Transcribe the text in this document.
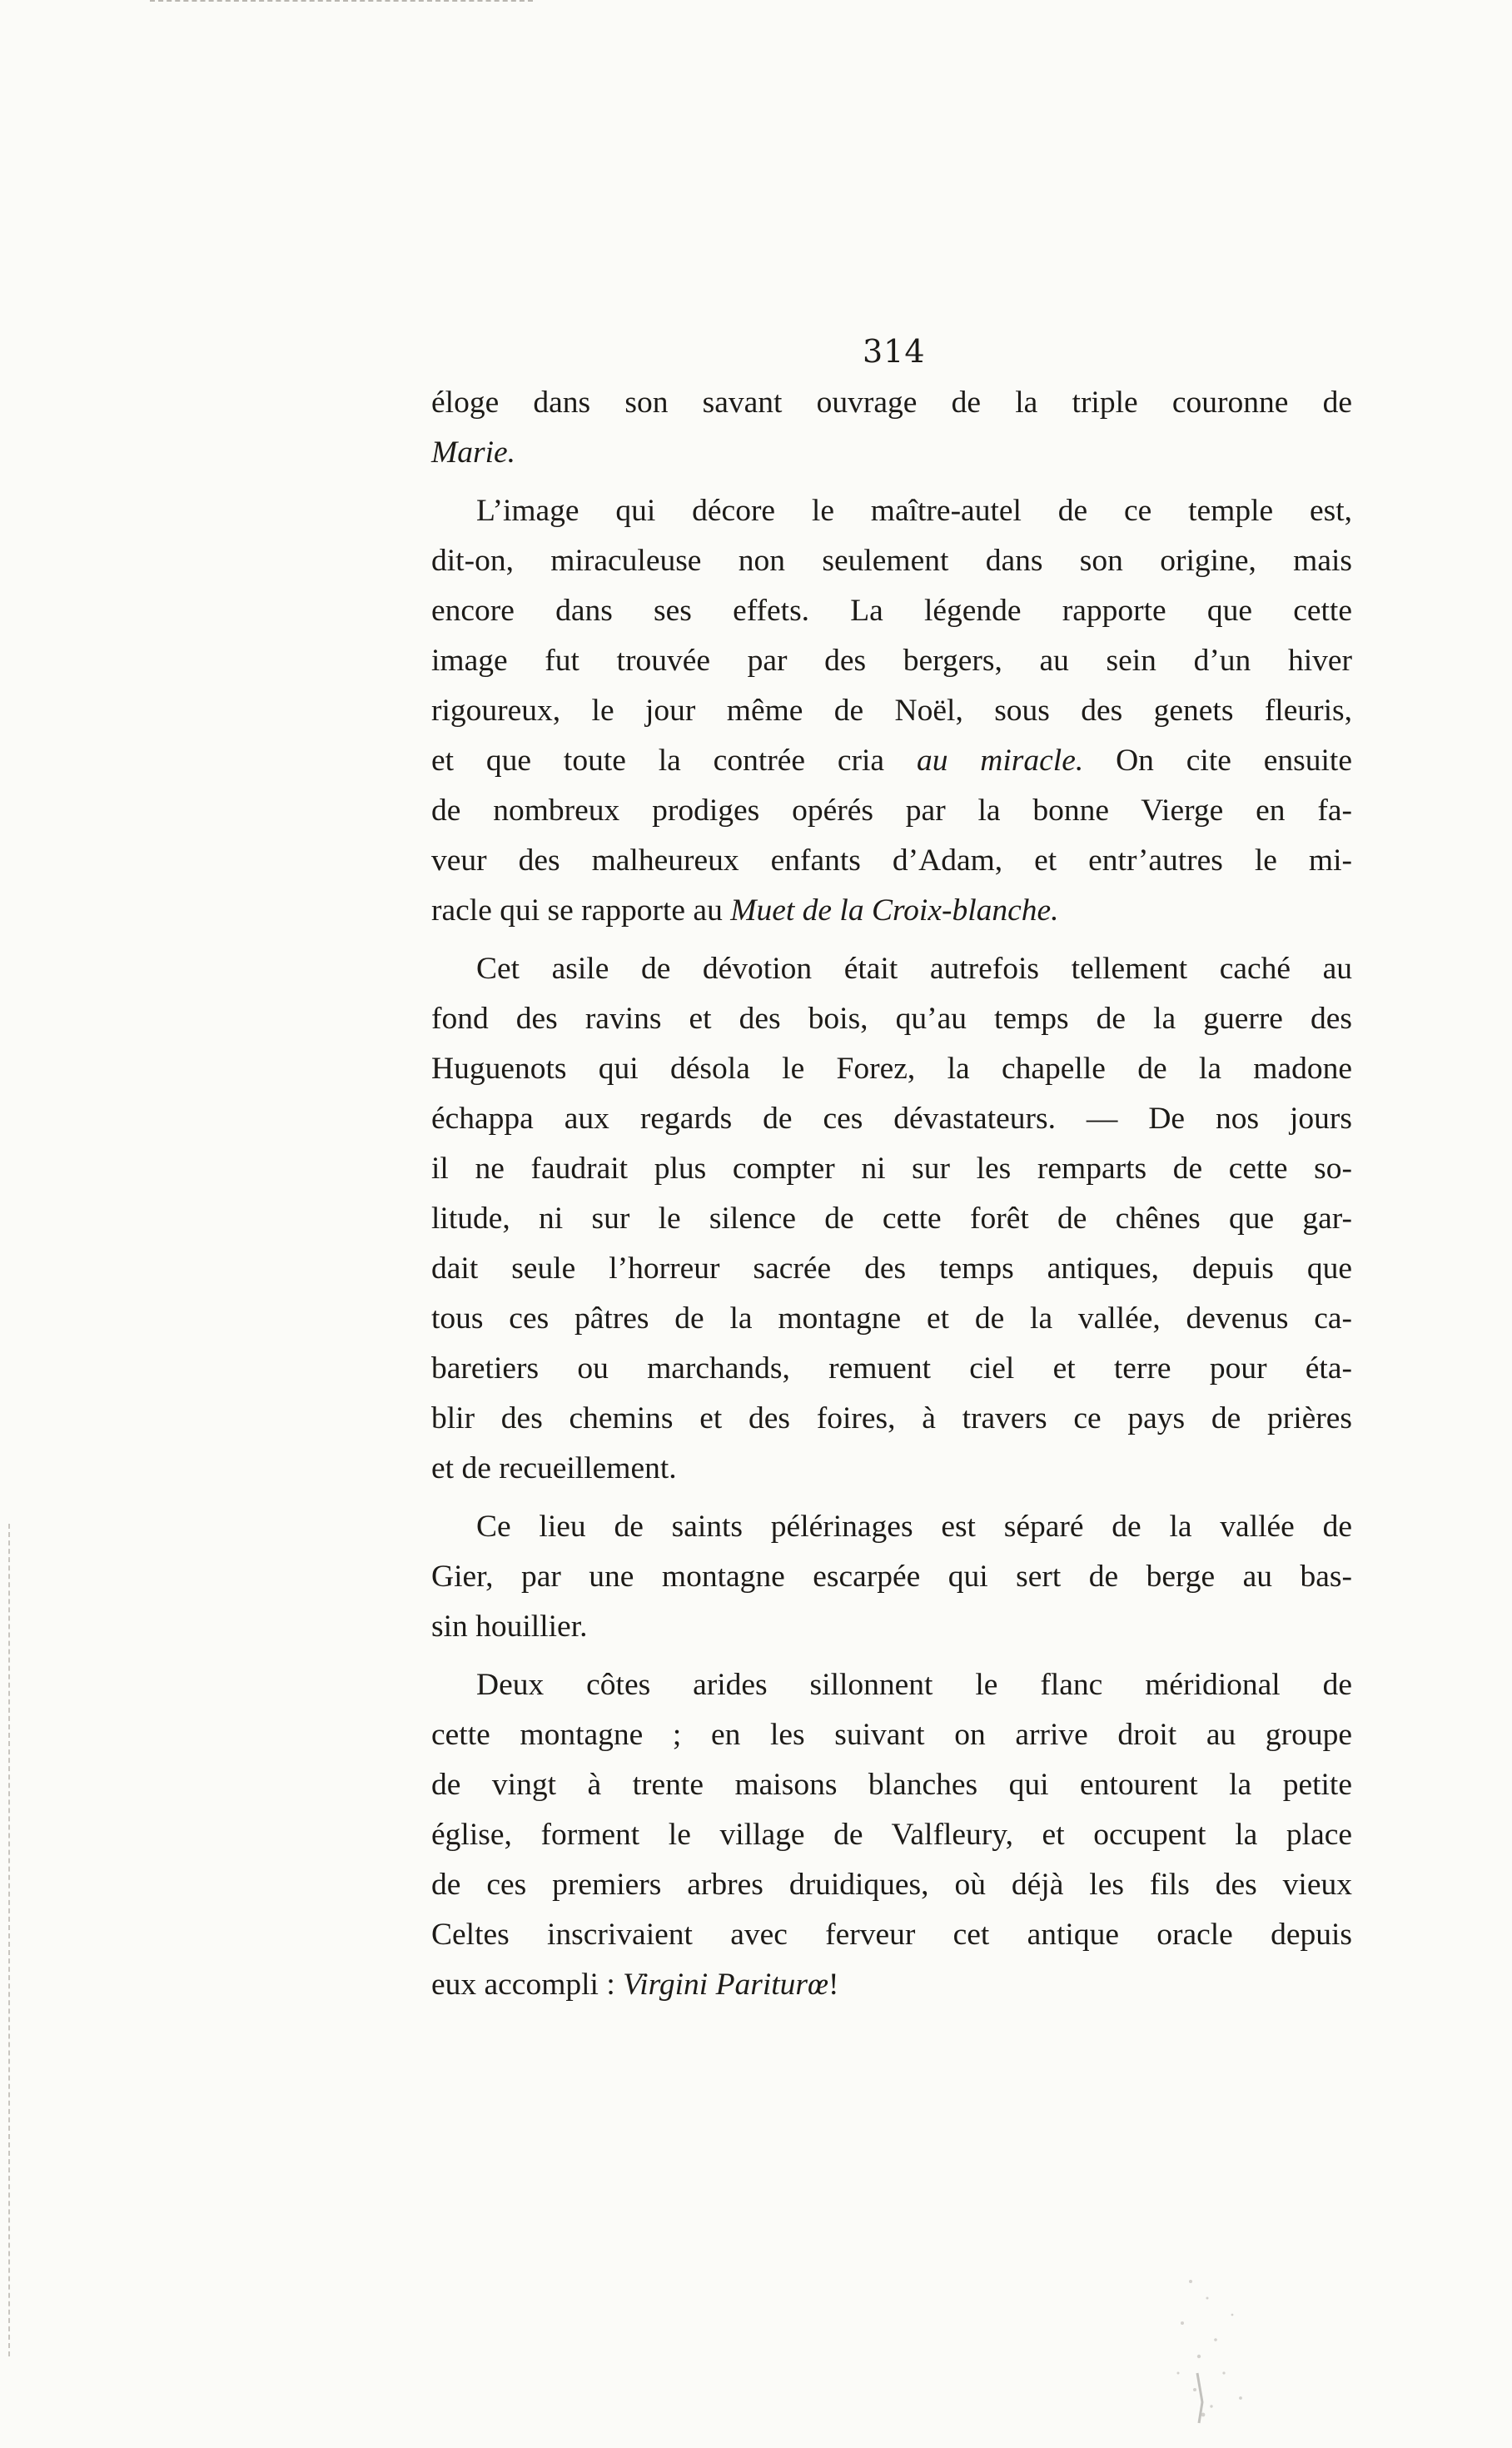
314
éloge dans son savant ouvrage de la triple couronne de
Marie.
L’image qui décore le maître-autel de ce temple est,
dit-on, miraculeuse non seulement dans son origine, mais
encore dans ses effets. La légende rapporte que cette
image fut trouvée par des bergers, au sein d’un hiver
rigoureux, le jour même de Noël, sous des genets fleuris,
et que toute la contrée cria au miracle. On cite ensuite
de nombreux prodiges opérés par la bonne Vierge en fa-
veur des malheureux enfants d’Adam, et entr’autres le mi-
racle qui se rapporte au Muet de la Croix-blanche.
Cet asile de dévotion était autrefois tellement caché au
fond des ravins et des bois, qu’au temps de la guerre des
Huguenots qui désola le Forez, la chapelle de la madone
échappa aux regards de ces dévastateurs. — De nos jours
il ne faudrait plus compter ni sur les remparts de cette so-
litude, ni sur le silence de cette forêt de chênes que gar-
dait seule l’horreur sacrée des temps antiques, depuis que
tous ces pâtres de la montagne et de la vallée, devenus ca-
baretiers ou marchands, remuent ciel et terre pour éta-
blir des chemins et des foires, à travers ce pays de prières
et de recueillement.
Ce lieu de saints pélérinages est séparé de la vallée de
Gier, par une montagne escarpée qui sert de berge au bas-
sin houillier.
Deux côtes arides sillonnent le flanc méridional de
cette montagne ; en les suivant on arrive droit au groupe
de vingt à trente maisons blanches qui entourent la petite
église, forment le village de Valfleury, et occupent la place
de ces premiers arbres druidiques, où déjà les fils des vieux
Celtes inscrivaient avec ferveur cet antique oracle depuis
eux accompli : Virgini Pariturœ!
